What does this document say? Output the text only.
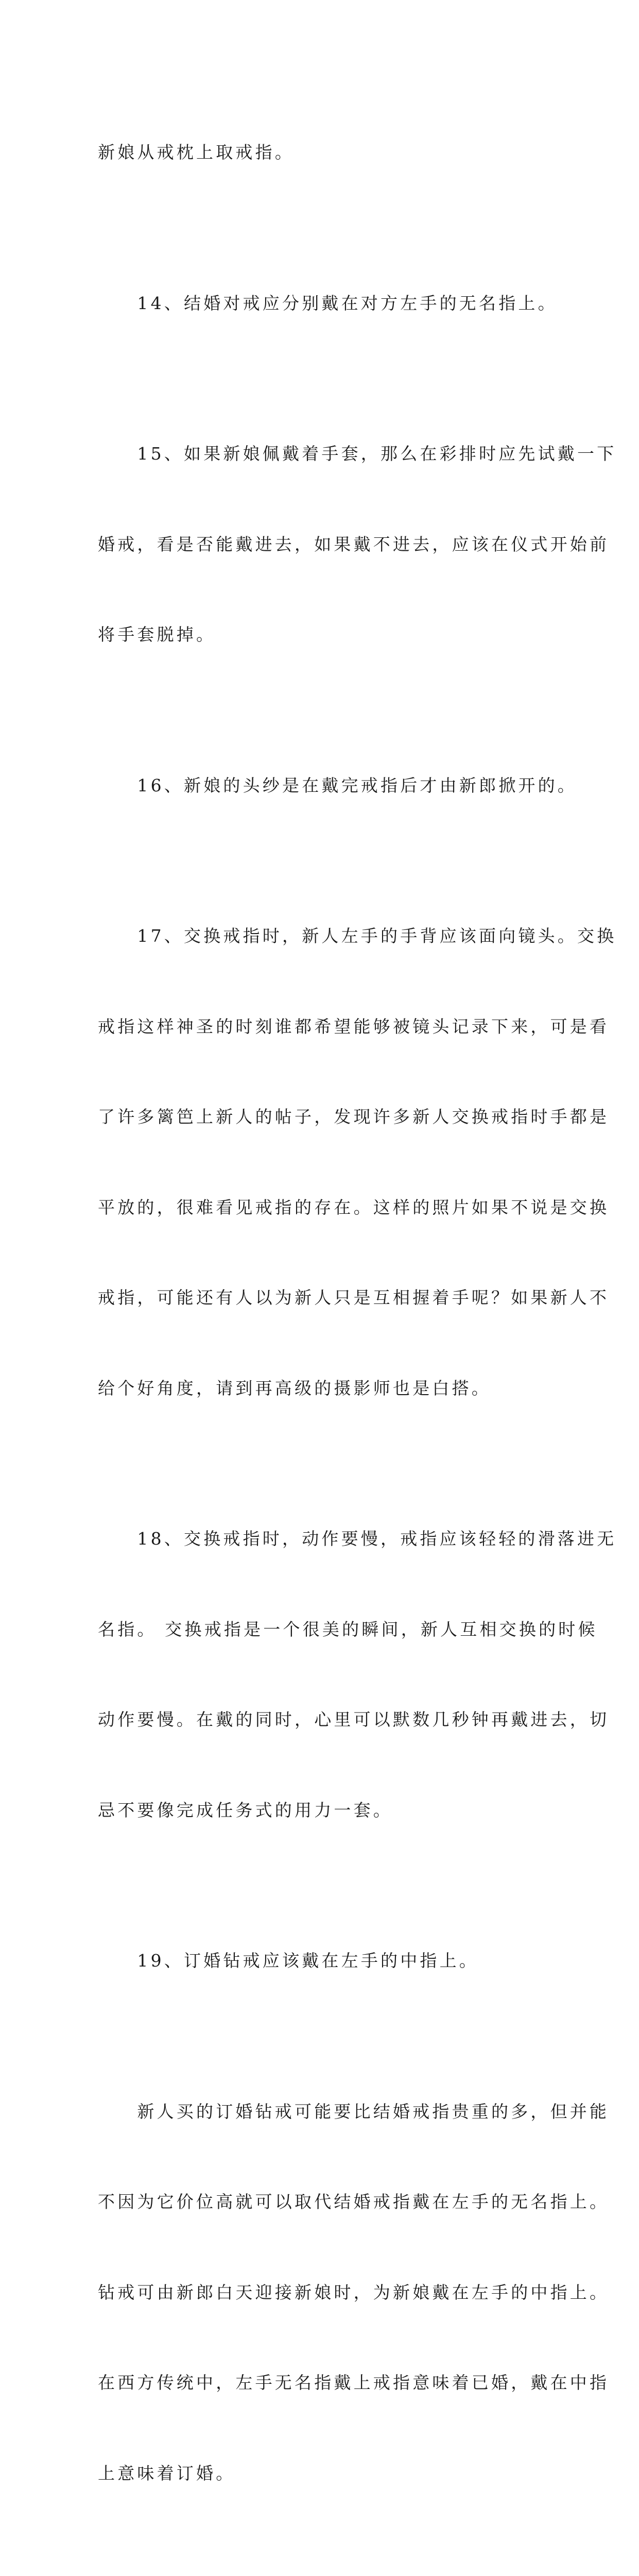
新娘从戒枕上取戒指。

　　14、结婚对戒应分别戴在对方左手的无名指上。

　　15、如果新娘佩戴着手套，那么在彩排时应先试戴一下

婚戒，看是否能戴进去，如果戴不进去，应该在仪式开始前

将手套脱掉。

　　16、新娘的头纱是在戴完戒指后才由新郎掀开的。

　　17、交换戒指时，新人左手的手背应该面向镜头。交换

戒指这样神圣的时刻谁都希望能够被镜头记录下来，可是看

了许多篱笆上新人的帖子，发现许多新人交换戒指时手都是

平放的，很难看见戒指的存在。这样的照片如果不说是交换

戒指，可能还有人以为新人只是互相握着手呢？如果新人不

给个好角度，请到再高级的摄影师也是白搭。

　　18、交换戒指时，动作要慢，戒指应该轻轻的滑落进无

名指。 交换戒指是一个很美的瞬间，新人互相交换的时候

动作要慢。在戴的同时，心里可以默数几秒钟再戴进去，切

忌不要像完成任务式的用力一套。

　　19、订婚钻戒应该戴在左手的中指上。

　　新人买的订婚钻戒可能要比结婚戒指贵重的多，但并能

不因为它价位高就可以取代结婚戒指戴在左手的无名指上。

钻戒可由新郎白天迎接新娘时，为新娘戴在左手的中指上。

在西方传统中，左手无名指戴上戒指意味着已婚，戴在中指

上意味着订婚。
